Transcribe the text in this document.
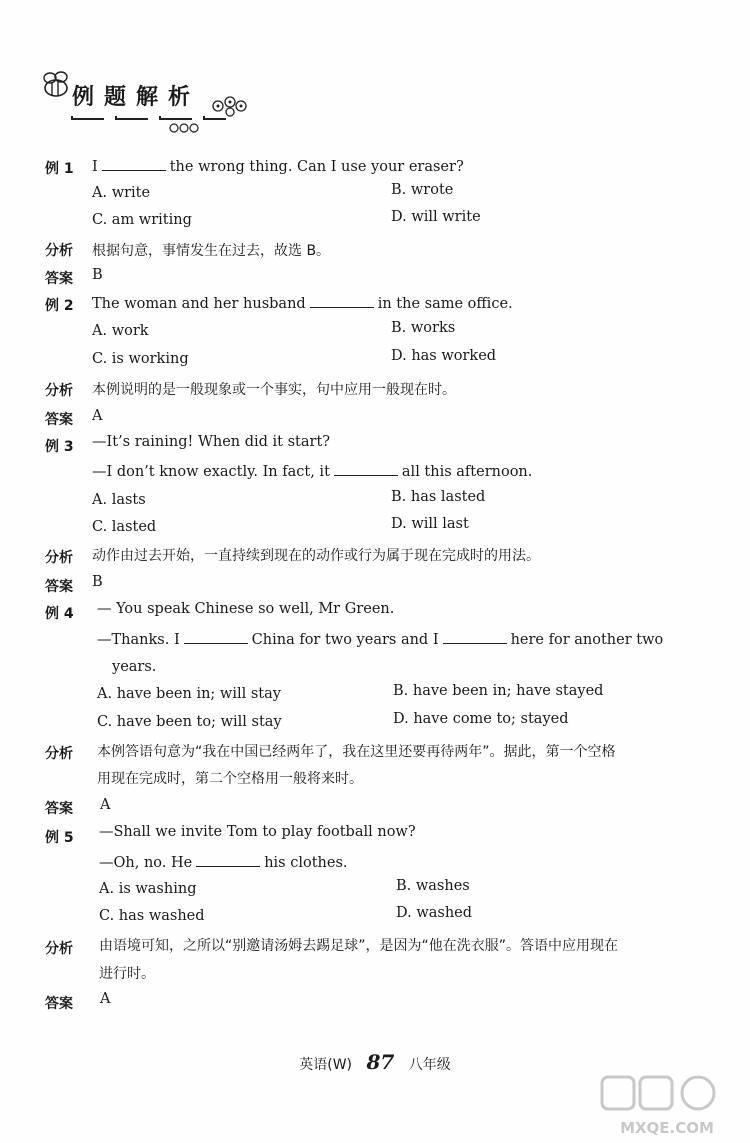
例题解析
例 1 I	the wrong thing. Can I use your eraser?
A. write	B. wrote
C. am writing	D. will write
分析 根据句意，事情发生在过去，故选 B。
答案 B
例 2 The woman and her husband	in the same office.
A. work	B. works
C. is working	D. has worked
分析 本例说明的是一般现象或一个事实，句中应用一般现在时。
答案 A
例 3 —It’s raining! When did it start?
—I don’t know exactly. In fact, it	all this afternoon.
A. lasts	B. has lasted
C. lasted	D. will last
分析 动作由过去开始，一直持续到现在的动作或行为属于现在完成时的用法。
答案 B
例 4 — You speak Chinese so well, Mr Green.
—Thanks. I	China for two years and I	here for another two
years.
A. have been in; will stay	B. have been in; have stayed
C. have been to; will stay	D. have come to; stayed
分析 本例答语句意为“我在中国已经两年了，我在这里还要再待两年”。据此，第一个空格
用现在完成时，第二个空格用一般将来时。
答案 A
例 5 —Shall we invite Tom to play football now?
—Oh, no. He	his clothes.
A. is washing	B. washes
C. has washed	D. washed
分析 由语境可知，之所以“别邀请汤姆去踢足球”，是因为“他在洗衣服”。答语中应用现在
进行时。
答案 A
英语(W) 87 八年级
MXQE.COM
